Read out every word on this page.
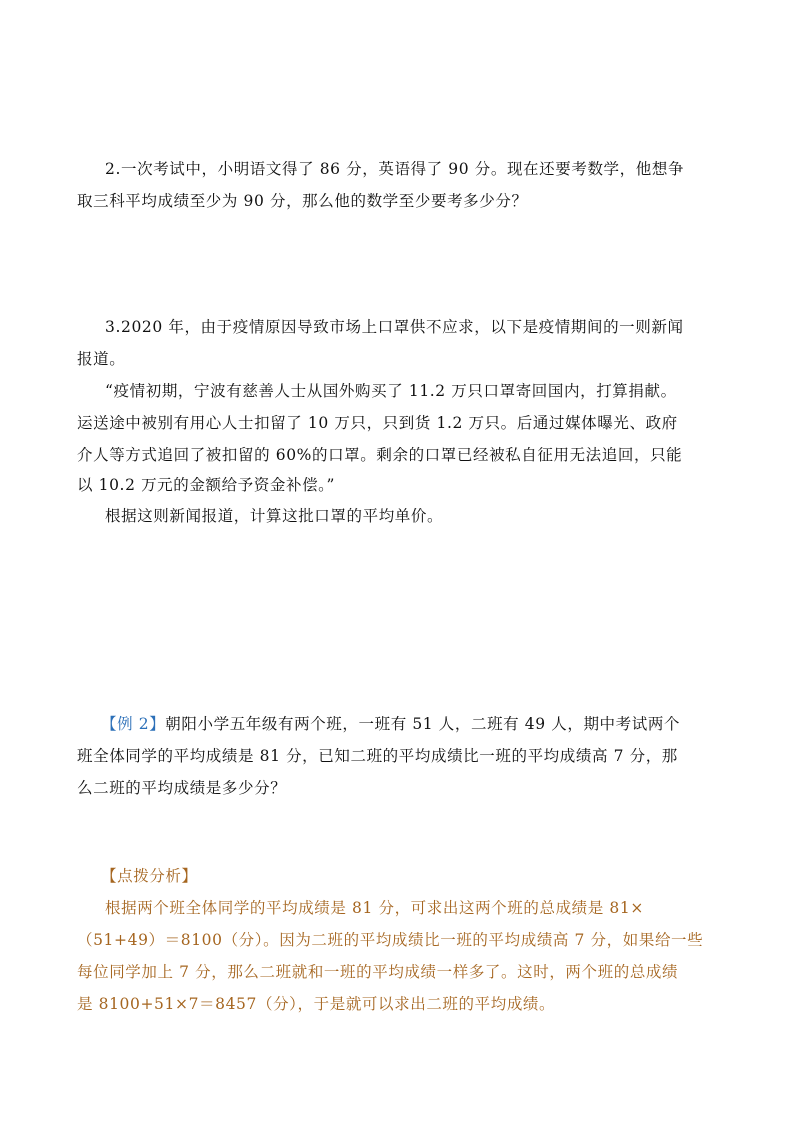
2.一次考试中，小明语文得了 86 分，英语得了 90 分。现在还要考数学，他想争
取三科平均成绩至少为 90 分，那么他的数学至少要考多少分？
3.2020 年，由于疫情原因导致市场上口罩供不应求，以下是疫情期间的一则新闻
报道。
“疫情初期，宁波有慈善人士从国外购买了 11.2 万只口罩寄回国内，打算捐献。
运送途中被别有用心人士扣留了 10 万只，只到货 1.2 万只。后通过媒体曝光、政府
介人等方式追回了被扣留的 60%的口罩。剩余的口罩已经被私自征用无法追回，只能
以 10.2 万元的金额给予资金补偿。”
根据这则新闻报道，计算这批口罩的平均单价。
【例 2】朝阳小学五年级有两个班，一班有 51 人，二班有 49 人，期中考试两个
班全体同学的平均成绩是 81 分，已知二班的平均成绩比一班的平均成绩高 7 分，那
么二班的平均成绩是多少分？
【点拨分析】
根据两个班全体同学的平均成绩是 81 分，可求出这两个班的总成绩是 81×
（51+49）＝8100（分）。因为二班的平均成绩比一班的平均成绩高 7 分，如果给一些
每位同学加上 7 分，那么二班就和一班的平均成绩一样多了。这时，两个班的总成绩
是 8100+51×7＝8457（分），于是就可以求出二班的平均成绩。
